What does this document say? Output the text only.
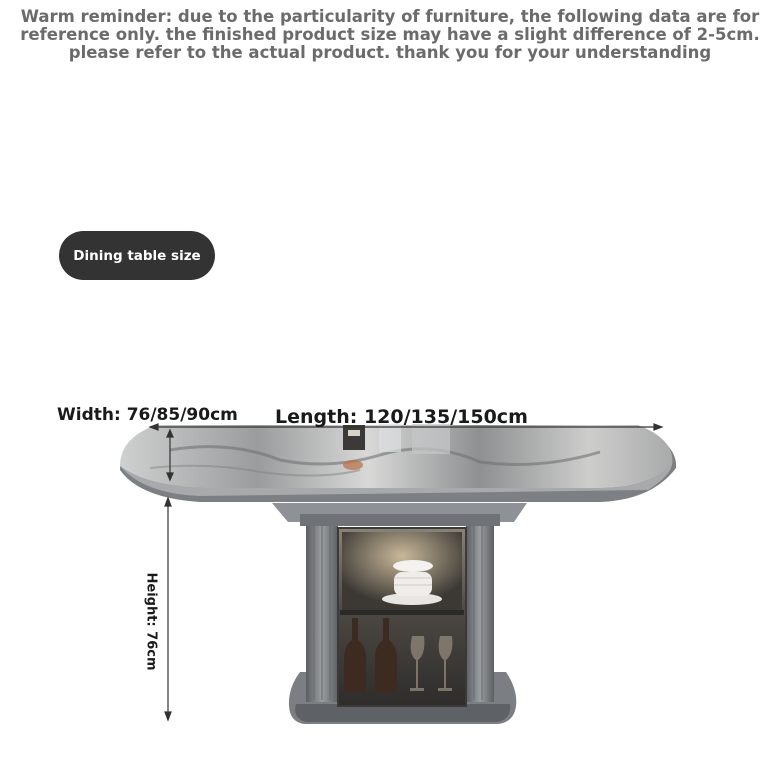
Warm reminder: due to the particularity of furniture, the following data are for
reference only. the finished product size may have a slight difference of 2-5cm.
please refer to the actual product. thank you for your understanding
Dining table size
Width: 76/85/90cm Length: 120/135/150cm
Height: 76cm
